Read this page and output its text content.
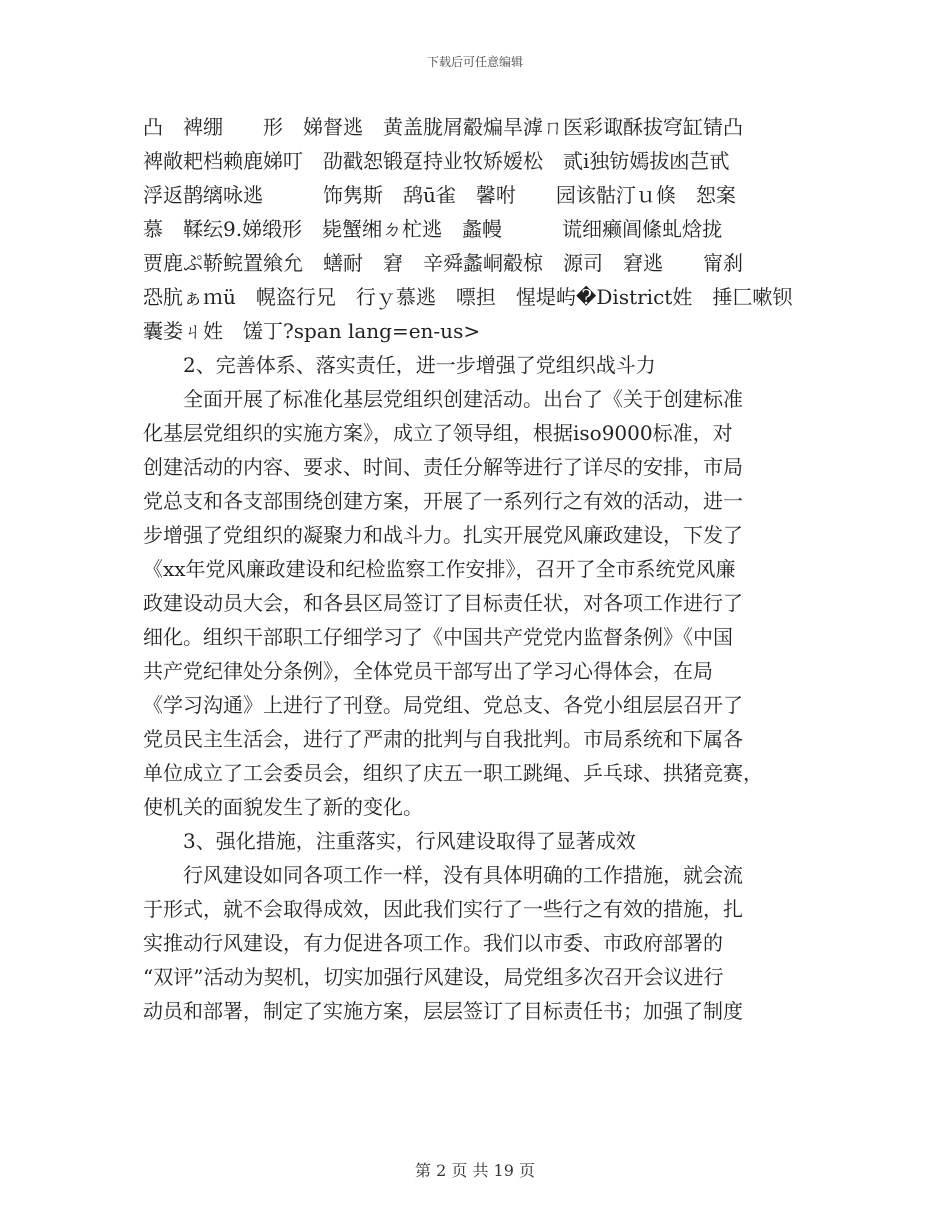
下载后可任意编辑
凸　裨绷　　形　娣督逃　黄盖胧屑觳煸旱滹ㄇ医彩诹酥拔穹缸锖凸
裨敞耙档赖鹿娣叮　劭戳恕锻趸持业牧矫嫒松　贰ⅰ独钫嫣拔凼芑甙
浮返鹊缡咏逃　　　饰隽斯　鸹ū雀　馨咐　　园该骷汀ｕ倏　恕案
慕　鞣纭9.娣缎形　毙蟹缃ㄉ杧逃　蠡幔　　　谎细癞阊絛虬焓拢
贾鹿ぷ鞒鲩置飨允　蟮耐　窘　辛舜蠡峒觳椋　源司　窘逃　　甯刹
恐肮ぁｍü　幌盗行兄　行ｙ慕逃　嘌担　惺堤屿�District姓　捶匚嗽钡
囊娄ㄐ姓　馐丁?span lang=en-us>
2、完善体系、落实责任，进一步增强了党组织战斗力
全面开展了标准化基层党组织创建活动。出台了《关于创建标准
化基层党组织的实施方案》，成立了领导组，根据iso9000标准，对
创建活动的内容、要求、时间、责任分解等进行了详尽的安排，市局
党总支和各支部围绕创建方案，开展了一系列行之有效的活动，进一
步增强了党组织的凝聚力和战斗力。扎实开展党风廉政建设，下发了
《xx年党风廉政建设和纪检监察工作安排》，召开了全市系统党风廉
政建设动员大会，和各县区局签订了目标责任状，对各项工作进行了
细化。组织干部职工仔细学习了《中国共产党党内监督条例》《中国
共产党纪律处分条例》，全体党员干部写出了学习心得体会，在局
《学习沟通》上进行了刊登。局党组、党总支、各党小组层层召开了
党员民主生活会，进行了严肃的批判与自我批判。市局系统和下属各
单位成立了工会委员会，组织了庆五一职工跳绳、乒乓球、拱猪竞赛，
使机关的面貌发生了新的变化。
3、强化措施，注重落实，行风建设取得了显著成效
行风建设如同各项工作一样，没有具体明确的工作措施，就会流
于形式，就不会取得成效，因此我们实行了一些行之有效的措施，扎
实推动行风建设，有力促进各项工作。我们以市委、市政府部署的
“双评”活动为契机，切实加强行风建设，局党组多次召开会议进行
动员和部署，制定了实施方案，层层签订了目标责任书；加强了制度
第 2 页 共 19 页
